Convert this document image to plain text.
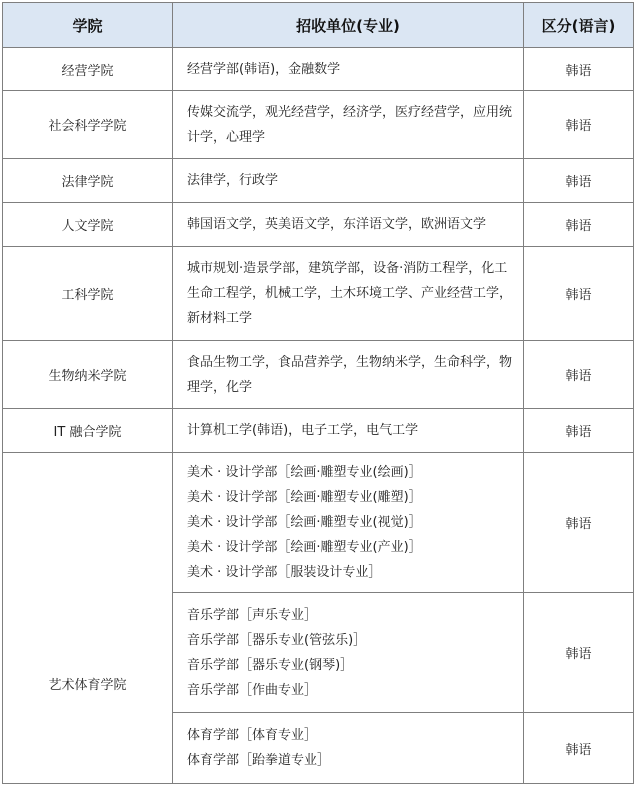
学院	招收单位(专业)	区分(语言)
经营学院	经营学部(韩语)，金融数学	韩语
社会科学学院	传媒交流学，观光经营学，经济学，医疗经营学，应用统计学，心理学	韩语
法律学院	法律学，行政学	韩语
人文学院	韩国语文学，英美语文学，东洋语文学，欧洲语文学	韩语
工科学院	城市规划·造景学部，建筑学部，设备·消防工程学，化工生命工程学，机械工学，土木环境工学、产业经营工学，新材料工学	韩语
生物纳米学院	食品生物工学，食品营养学，生物纳米学，生命科学，物理学，化学	韩语
IT 融合学院	计算机工学(韩语)，电子工学，电气工学	韩语
艺术体育学院	美术 · 设计学部［绘画·雕塑专业(绘画)］
美术 · 设计学部［绘画·雕塑专业(雕塑)］
美术 · 设计学部［绘画·雕塑专业(视觉)］
美术 · 设计学部［绘画·雕塑专业(产业)］
美术 · 设计学部［服装设计专业］	韩语

	音乐学部［声乐专业］
音乐学部［器乐专业(管弦乐)］
音乐学部［器乐专业(钢琴)］
音乐学部［作曲专业］	韩语

	体育学部［体育专业］
体育学部［跆拳道专业］	韩语
